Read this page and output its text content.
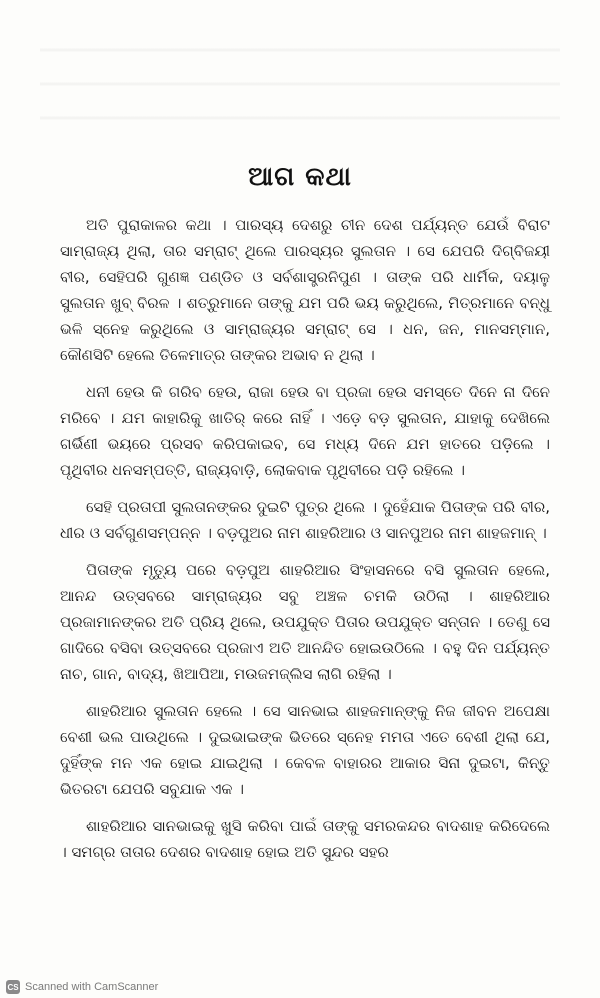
ଆଗ କଥା

ଅତି ପୁରାକାଳର କଥା । ପାରସ୍ୟ ଦେଶରୁ ଚୀନ ଦେଶ ପର୍ଯ୍ୟନ୍ତ ଯେଉଁ ବିରାଟ ସାମ୍ରାଜ୍ୟ ଥିଲା, ତାର ସମ୍ରାଟ୍ ଥିଲେ ପାରସ୍ୟର ସୁଲତାନ । ସେ ଯେପରି ଦିଗ୍‌ବିଜୟୀ ବୀର, ସେହିପରି ଗୁଣଜ୍ଞ ପଣ୍ଡିତ ଓ ସର୍ବଶାସ୍ତ୍ରନିପୁଣ । ତାଙ୍କ ପରି ଧାର୍ମିକ, ଦୟାଳୁ ସୁଲତାନ ଖୁବ୍ ବିରଳ । ଶତ୍ରୁମାନେ ତାଙ୍କୁ ଯମ ପରି ଭୟ କରୁଥିଲେ, ମିତ୍ରମାନେ ବନ୍ଧୁ ଭଳି ସ୍ନେହ କରୁଥିଲେ ଓ ସାମ୍ରାଜ୍ୟର ସମ୍ରାଟ୍ ସେ । ଧନ, ଜନ, ମାନସମ୍ମାନ, କୌଣସିଟି ହେଲେ ତିଳେମାତ୍ର ତାଙ୍କର ଅଭାବ ନ ଥିଲା ।

ଧନୀ ହେଉ କି ଗରିବ ହେଉ, ରାଜା ହେଉ ବା ପ୍ରଜା ହେଉ ସମସ୍ତେ ଦିନେ ନା ଦିନେ ମରିବେ । ଯମ କାହାରିକୁ ଖାତିର୍ କରେ ନାହିଁ । ଏଡ଼େ ବଡ଼ ସୁଲତାନ, ଯାହାକୁ ଦେଖିଲେ ଗର୍ଭିଣୀ ଭୟରେ ପ୍ରସବ କରିପକାଇବ, ସେ ମଧ୍ୟ ଦିନେ ଯମ ହାତରେ ପଡ଼ିଲେ । ପୃଥିବୀର ଧନସମ୍ପତ୍ତି, ରାଜ୍ୟବାଡ଼ି, ଲୋକବାକ ପୃଥିବୀରେ ପଡ଼ି ରହିଲେ ।

ସେହି ପ୍ରତାପୀ ସୁଲତାନଙ୍କର ଦୁଇଟି ପୁତ୍ର ଥିଲେ । ଦୁହେଁଯାକ ପିତାଙ୍କ ପରି ବୀର, ଧୀର ଓ ସର୍ବଗୁଣସମ୍ପନ୍ନ । ବଡ଼ପୁଅର ନାମ ଶାହରିଆର ଓ ସାନପୁଅର ନାମ ଶାହଜମାନ୍ ।

ପିତାଙ୍କ ମୃତ୍ୟୁ ପରେ ବଡ଼ପୁଅ ଶାହରିଆର ସିଂହାସନରେ ବସି ସୁଲତାନ ହେଲେ, ଆନନ୍ଦ ଉତ୍ସବରେ ସାମ୍ରାଜ୍ୟର ସବୁ ଅଞ୍ଚଳ ଚମକି ଉଠିଲା । ଶାହରିଆର ପ୍ରଜାମାନଙ୍କର ଅତି ପ୍ରିୟ ଥିଲେ, ଉପଯୁକ୍ତ ପିତାର ଉପଯୁକ୍ତ ସନ୍ତାନ । ତେଣୁ ସେ ଗାଦିରେ ବସିବା ଉତ୍ସବରେ ପ୍ରଜାଏ ଅତି ଆନନ୍ଦିତ ହୋଇଉଠିଲେ । ବହୁ ଦିନ ପର୍ଯ୍ୟନ୍ତ ନାଚ, ଗାନ, ବାଦ୍ୟ, ଖିଆପିଆ, ମଉଜମଜ୍‌ଲିସ ଲାଗି ରହିଲା ।

ଶାହରିଆର ସୁଲତାନ ହେଲେ । ସେ ସାନଭାଇ ଶାହଜମାନ୍‌ଙ୍କୁ ନିଜ ଜୀବନ ଅପେକ୍ଷା ବେଶୀ ଭଲ ପାଉଥିଲେ । ଦୁଇଭାଇଙ୍କ ଭିତରେ ସ୍ନେହ ମମତା ଏତେ ବେଶୀ ଥିଲା ଯେ, ଦୁହିଁଙ୍କ ମନ ଏକ ହୋଇ ଯାଇଥିଲା । କେବଳ ବାହାରର ଆକାର ସିନା ଦୁଇଟା, କିନ୍ତୁ ଭିତରଟା ଯେପରି ସବୁଯାକ ଏକ ।

ଶାହରିଆର ସାନଭାଇକୁ ଖୁସି କରିବା ପାଇଁ ତାଙ୍କୁ ସମରକନ୍ଦର ବାଦଶାହ କରିଦେଲେ । ସମଗ୍ର ତାତାର ଦେଶର ବାଦଶାହ ହୋଇ ଅତି ସୁନ୍ଦର ସହର

CS Scanned with CamScanner
